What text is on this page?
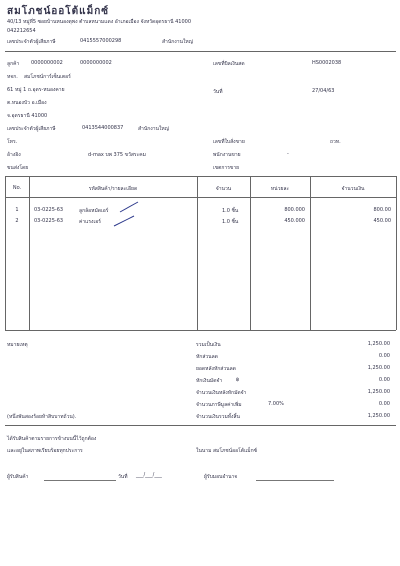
สมโภชน์ออโต้แม็กซ์
40/13 หมู่ที่5 ซอยบ้านหนองดุพง ตำบลหนามแดง อำเภอเมือง จังหวัดอุดรธานี 41000
042212654
เลขประจำตัวผู้เสียภาษี	0415557000298	สำนักงานใหญ่
ลูกค้า 0000000002	0000000002
หจก. สมโภชน์การ์เซ็นเตอร์
61 หมู่ 1 ถ.อุดร-หนองคาย
ต.หนองบัว อ.เมือง
จ.อุดรธานี 41000
เลขประจำตัวผู้เสียภาษี	0413544000837	สำนักงานใหญ่
โทร.
อ้างอิง	d-max บพ 375 ขวัสระคม
ขนส่งโดย
เลขที่บิลเงินสด	HS0002038
วันที่	27/04/63
เลขที่ใบสั่งขาย	ถวท.
พนักงานขาย	-
เขตการขาย
No.	รหัสสินค้า/รายละเอียด	จำนวน	หน่วยละ	จำนวนเงิน
1	03-0225-63	ลูกล้อหมัดเอร์	1.0 ชิ้น	800.000	800.00
2	03-0225-63	ค่าแรงเอร์	1.0 ชิ้น	450.000	450.00
หมายเหตุ	รวมเป็นเงิน	1,250.00
หักส่วนลด	0.00
ยอดหลังหักส่วนลด	1,250.00
หักเงินมัดจำ	฿	0.00
จำนวนเงินหลังหักมัดจำ	1,250.00
จำนวนภาษีมูลค่าเพิ่ม	7.00%	0.00
(หนึ่งพันสองร้อยห้าสิบบาทถ้วน).	จำนวนเงินรวมทั้งสิ้น	1,250.00
ได้รับสินค้าตามรายการข้างบนนี้ไว้ถูกต้อง
และอยู่ในสภาพเรียบร้อยทุกประการ	ในนาม สมโภชน์ออโต้แม็กซ์
ผู้รับสินค้า	วันที่ ___/___/___	ผู้รับมอบอำนาจ
